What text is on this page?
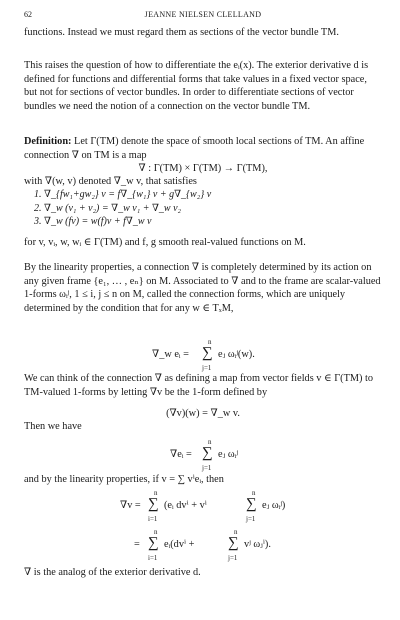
62	JEANNE NIELSEN CLELLAND

functions. Instead we must regard them as sections of the vector bundle TM.

This raises the question of how to differentiate the eᵢ(x). The exterior derivative d is defined for functions and differential forms that take values in a fixed vector space, but not for sections of vector bundles. In order to differentiate sections of vector bundles we need the notion of a connection on the vector bundle TM.

Definition: Let Γ(TM) denote the space of smooth local sections of TM. An affine connection ∇ on TM is a map

∇ : Γ(TM) × Γ(TM) → Γ(TM),

with ∇(w, v) denoted ∇_w v, that satisfies

1. ∇_{fw₁+gw₂} v = f∇_{w₁} v + g∇_{w₂} v
2. ∇_w (v₁ + v₂) = ∇_w v₁ + ∇_w v₂
3. ∇_w (fv) = w(f)v + f∇_w v

for v, vᵢ, w, wᵢ ∈ Γ(TM) and f, g smooth real-valued functions on M.

By the linearity properties, a connection ∇ is completely determined by its action on any given frame {e₁, … , eₙ} on M. Associated to ∇ and to the frame are scalar-valued 1-forms ωᵢʲ, 1 ≤ i, j ≤ n on M, called the connection forms, which are uniquely determined by the condition that for any w ∈ TₓM,

n
∇_w eᵢ = ∑ eⱼ ωᵢʲ(w).
j=1

We can think of the connection ∇ as defining a map from vector fields v ∈ Γ(TM) to TM-valued 1-forms by letting ∇v be the 1-form defined by

(∇v)(w) = ∇_w v.

Then we have

n
∇eᵢ = ∑ eⱼ ωᵢʲ
j=1

and by the linearity properties, if v = ∑ vⁱeᵢ, then

n	n
∇v = ∑ (eᵢ dvⁱ + vⁱ	∑ eⱼ ωᵢʲ)
i=1	j=1
n	n
= ∑ eᵢ(dvⁱ + ∑ vʲ ωⱼⁱ).
i=1	j=1

∇ is the analog of the exterior derivative d.
